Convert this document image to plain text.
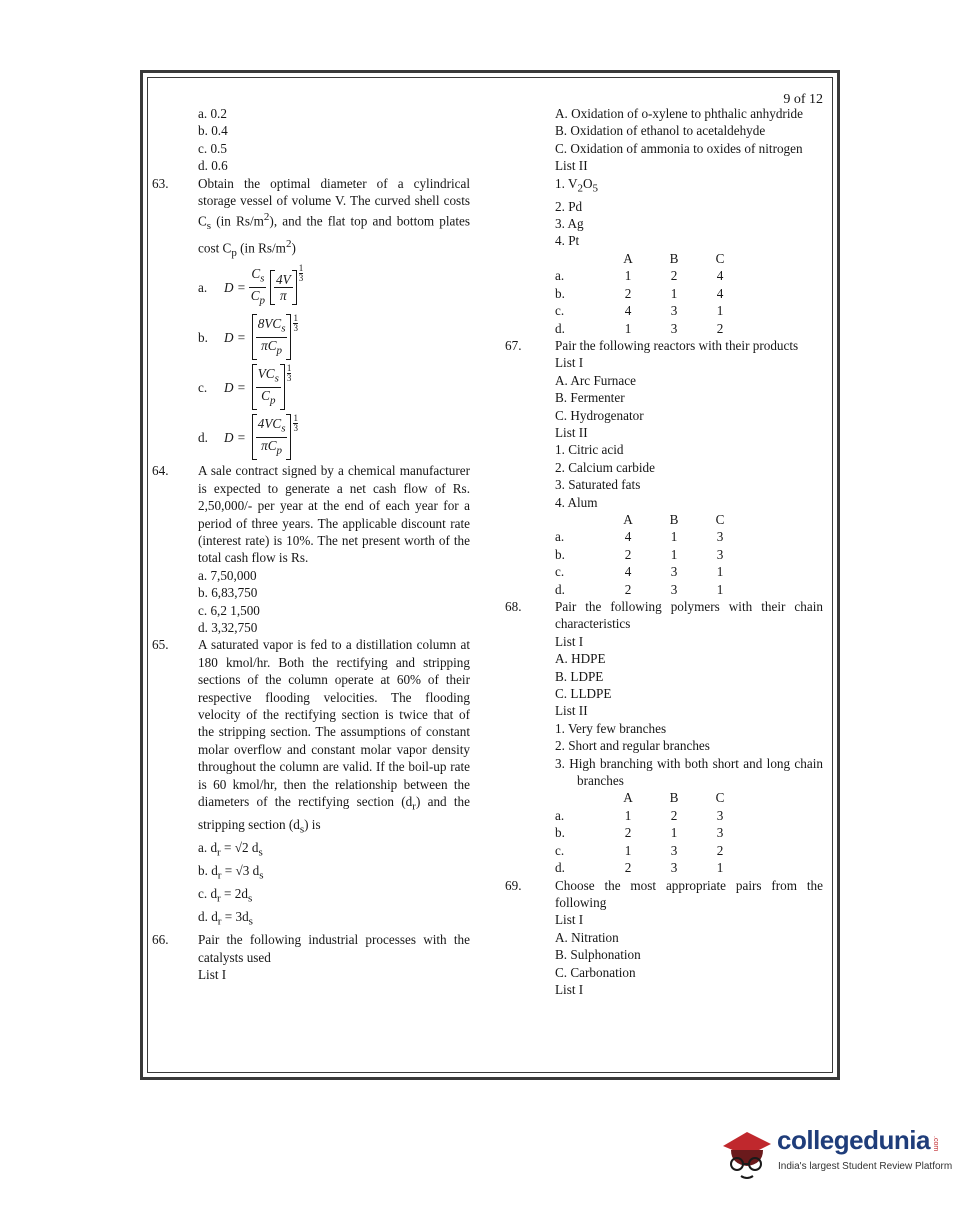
9 of 12
a. 0.2
b. 0.4
c. 0.5
d. 0.6
63. Obtain the optimal diameter of a cylindrical storage vessel of volume V. The curved shell costs $C_s$ (in $Rs/m^2$), and the flat top and bottom plates cost $C_p$ (in $Rs/m^2$)
a.	$D = \frac{C_s}{C_p} \frac{4V}{\pi}$
1
3
b.	$D = \frac{8VC_s}{\pi C_p} 1$
3
c.	$D = \frac{VC_s}{C_p} 1$
3
d.	$D = \frac{4VC_s}{\pi C_p} 1$
3
64. A sale contract signed by a chemical manufacturer is expected to generate a net cash flow of Rs. 2,50,000/- per year at the end of each year for a period of three years. The applicable discount rate (interest rate) is 10%. The net present worth of the total cash flow is Rs.
a. 7,50,000
b. 6,83,750
c. 6,2 1,500
d. 3,32,750
65. A saturated vapor is fed to a distillation column at 180 kmol/hr. Both the rectifying and stripping sections of the column operate at 60% of their respective flooding velocities. The flooding velocity of the rectifying section is twice that of the stripping section. The assumptions of constant molar overflow and constant molar vapor density throughout the column are valid. If the boil-up rate is 60 kmol/hr, then the relationship between the diameters of the rectifying section $(d_r)$ and the stripping section $(d_s)$ is
a. $d_r = √2$ $d_s$
b. $d_r = √3$ $d_s$
c. $d_r = 2d_s$
d. $d_r = 3d_s$
66. Pair the following industrial processes with the catalysts used
List I
A. Oxidation of o-xylene to phthalic anhydride
B. Oxidation of ethanol to acetaldehyde
C. Oxidation of ammonia to oxides of nitrogen
List II
1. $V_2O_5$
2. Pd
3. Ag
4. Pt
	A	B	C
a.	1	2	4
b.	2	1	4
c.	4	3	1
d.	1	3	2
67.	Pair the following reactors with their products
List I
A. Arc Furnace
B. Fermenter
C. Hydrogenator
List II
1. Citric acid
2. Calcium carbide
3. Saturated fats
4. Alum
	A	B	C
a.	4	1	3
b.	2	1	3
c.	4	3	1
d.	2	3	1
68.	Pair the following polymers with their chain characteristics
List I
A. HDPE
B. LDPE
C. LLDPE
List II
1. Very few branches
2. Short and regular branches
3. High branching with both short and long chain branches
	A	B	C
a.	1	2	3
b.	2	1	3
c.	1	3	2
d.	2	3	1
69.	Choose the most appropriate pairs from the following
List I
A. Nitration
B. Sulphonation
C. Carbonation
List I
collegedunia .com
India's largest Student Review Platform
